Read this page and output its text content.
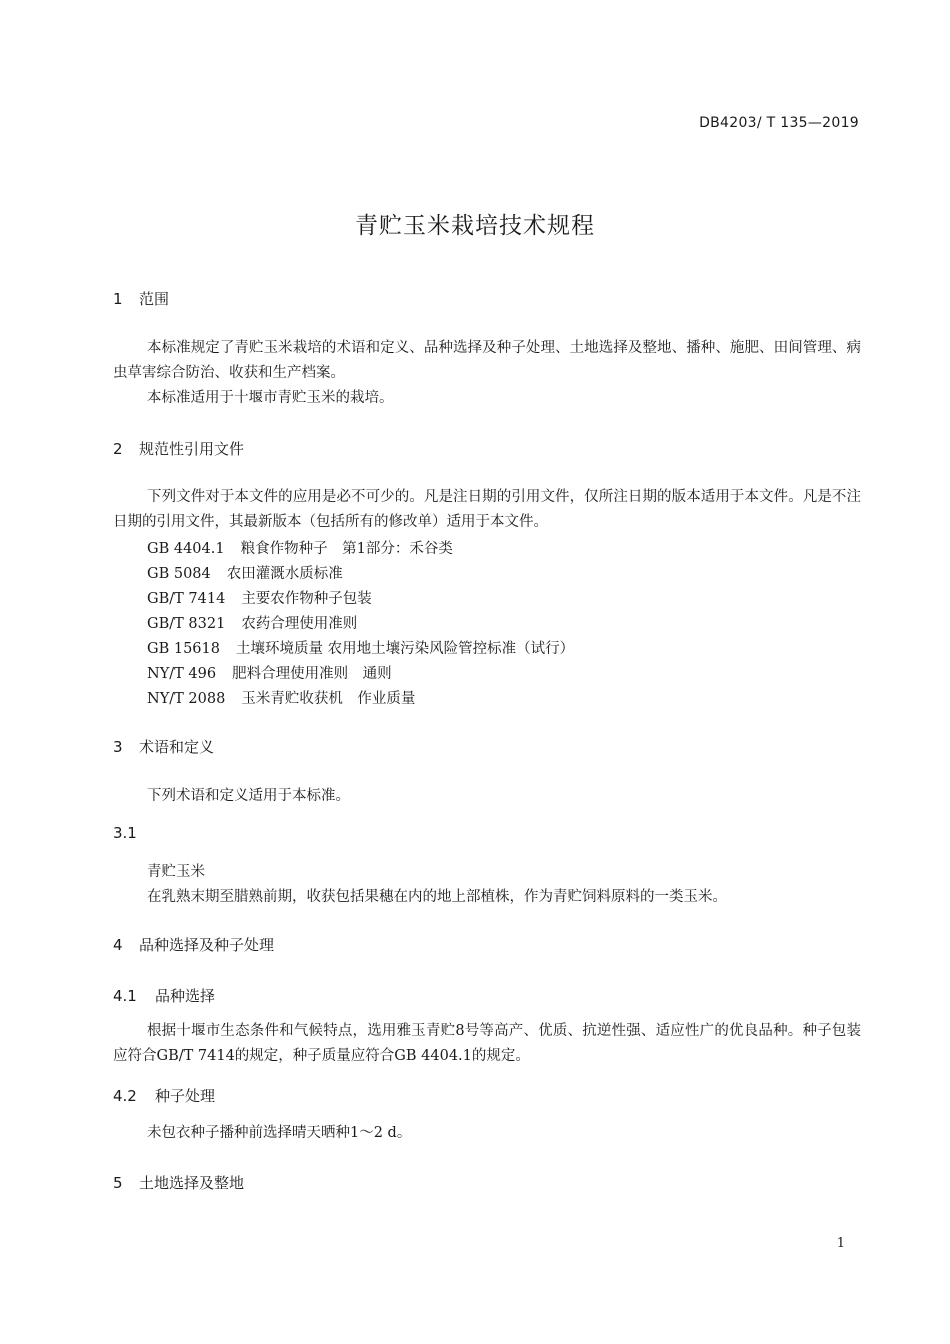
DB4203/ T 135—2019
青贮玉米栽培技术规程
1 范围

本标准规定了青贮玉米栽培的术语和定义、品种选择及种子处理、土地选择及整地、播种、施肥、田间管理、病虫草害综合防治、收获和生产档案。

本标准适用于十堰市青贮玉米的栽培。

2 规范性引用文件

下列文件对于本文件的应用是必不可少的。凡是注日期的引用文件，仅所注日期的版本适用于本文件。凡是不注日期的引用文件，其最新版本（包括所有的修改单）适用于本文件。

GB 4404.1 粮食作物种子　第1部分：禾谷类
GB 5084 农田灌溉水质标准
GB/T 7414 主要农作物种子包装
GB/T 8321 农药合理使用准则
GB 15618 土壤环境质量 农用地土壤污染风险管控标准（试行）
NY/T 496 肥料合理使用准则　通则
NY/T 2088 玉米青贮收获机　作业质量
3 术语和定义

下列术语和定义适用于本标准。

3.1
青贮玉米
在乳熟末期至腊熟前期，收获包括果穗在内的地上部植株，作为青贮饲料原料的一类玉米。
4 品种选择及种子处理
4.1 品种选择

根据十堰市生态条件和气候特点，选用雅玉青贮8号等高产、优质、抗逆性强、适应性广的优良品种。种子包装应符合GB/T 7414的规定，种子质量应符合GB 4404.1的规定。

4.2 种子处理

未包衣种子播种前选择晴天晒种1～2 d。

5 土地选择及整地
1
